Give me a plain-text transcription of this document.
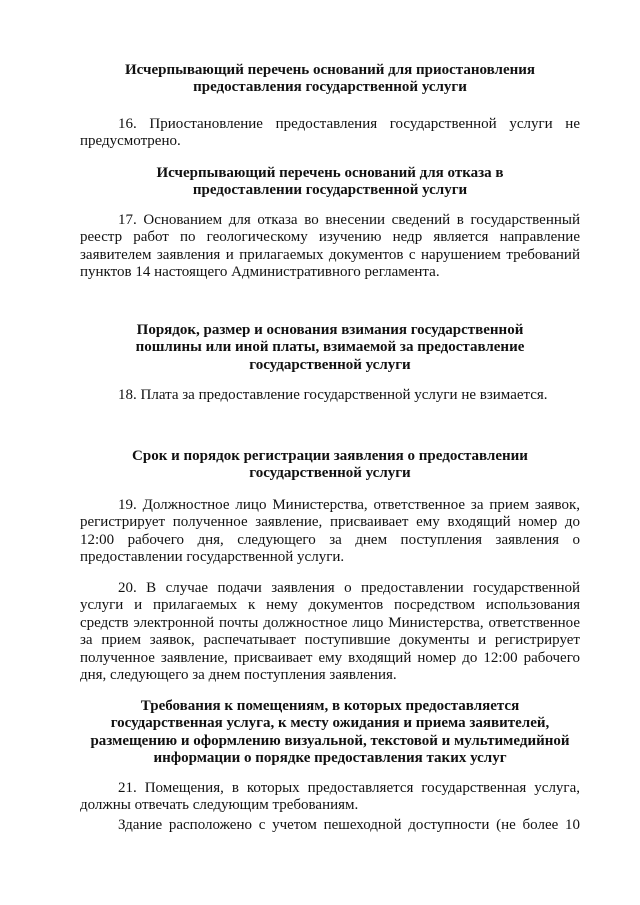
Исчерпывающий перечень оснований для приостановления
предоставления государственной услуги
16. Приостановление предоставления государственной услуги не
предусмотрено.
Исчерпывающий перечень оснований для отказа в
предоставлении государственной услуги
17. Основанием для отказа во внесении сведений в государственный
реестр работ по геологическому изучению недр является направление
заявителем заявления и прилагаемых документов с нарушением требований
пунктов 14 настоящего Административного регламента.
Порядок, размер и основания взимания государственной
пошлины или иной платы, взимаемой за предоставление
государственной услуги
18. Плата за предоставление государственной услуги не взимается.
Срок и порядок регистрации заявления о предоставлении
государственной услуги
19. Должностное лицо Министерства, ответственное за прием заявок,
регистрирует полученное заявление, присваивает ему входящий номер до
12:00 рабочего дня, следующего за днем поступления заявления о
предоставлении государственной услуги.
20. В случае подачи заявления о предоставлении государственной
услуги и прилагаемых к нему документов посредством использования
средств электронной почты должностное лицо Министерства, ответственное
за прием заявок, распечатывает поступившие документы и регистрирует
полученное заявление, присваивает ему входящий номер до 12:00 рабочего
дня, следующего за днем поступления заявления.
Требования к помещениям, в которых предоставляется
государственная услуга, к месту ожидания и приема заявителей,
размещению и оформлению визуальной, текстовой и мультимедийной
информации о порядке предоставления таких услуг
21. Помещения, в которых предоставляется государственная услуга,
должны отвечать следующим требованиям.
Здание расположено с учетом пешеходной доступности (не более 10
